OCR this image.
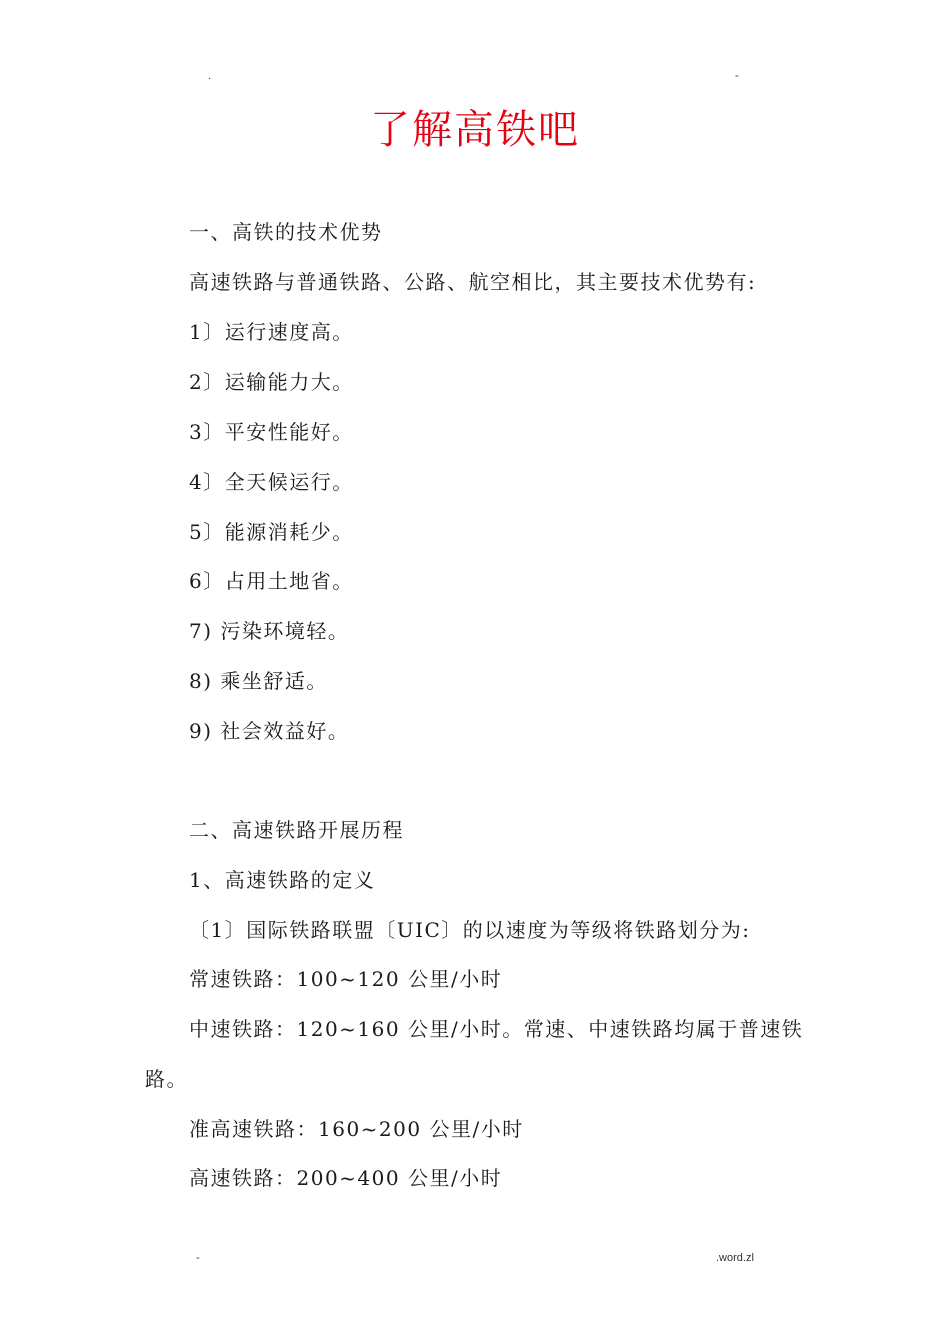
.	-
了解高铁吧
一、高铁的技术优势
高速铁路与普通铁路、公路、航空相比，其主要技术优势有:
1〕运行速度高。
2〕运输能力大。
3〕平安性能好。
4〕全天候运行。
5〕能源消耗少。
6〕占用土地省。
7) 污染环境轻。
8) 乘坐舒适。
9) 社会效益好。
二、高速铁路开展历程
1、高速铁路的定义
〔1〕国际铁路联盟〔UIC〕的以速度为等级将铁路划分为:
常速铁路：100~120 公里/小时
中速铁路：120~160 公里/小时。常速、中速铁路均属于普速铁
路。
准高速铁路：160~200 公里/小时
高速铁路：200~400 公里/小时
-	.word.zl
